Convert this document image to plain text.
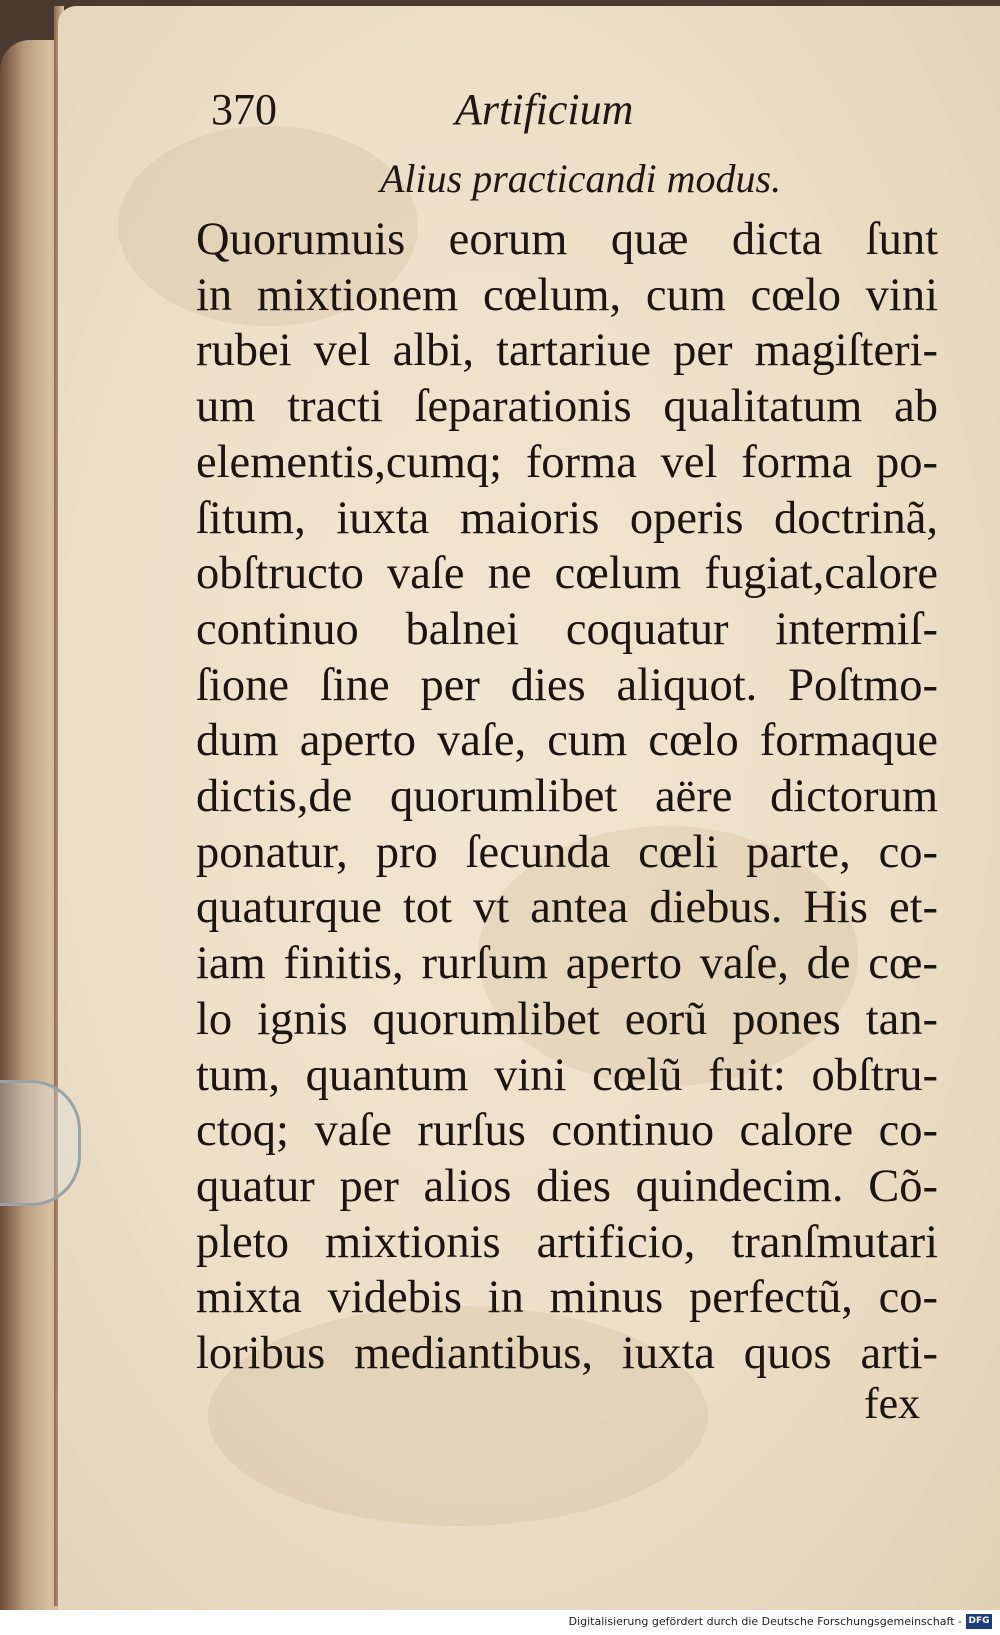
370	Artificium
Alius practicandi modus.
Quorumuis eorum quæ dicta ſunt
in mixtionem cœlum, cum cœlo vini
rubei vel albi, tartariue per magiſteri-
um tracti ſeparationis qualitatum ab
elementis,cumq; forma vel forma po-
ſitum, iuxta maioris operis doctrinã,
obſtructo vaſe ne cœlum fugiat,calore
continuo balnei coquatur intermiſ-
ſione ſine per dies aliquot. Poſtmo-
dum aperto vaſe, cum cœlo formaque
dictis,de quorumlibet aëre dictorum
ponatur, pro ſecunda cœli parte, co-
quaturque tot vt antea diebus. His et-
iam finitis, rurſum aperto vaſe, de cœ-
lo ignis quorumlibet eorũ pones tan-
tum, quantum vini cœlũ fuit: obſtru-
ctoq; vaſe rurſus continuo calore co-
quatur per alios dies quindecim. Cõ-
pleto mixtionis artificio, tranſmutari
mixta videbis in minus perfectũ, co-
loribus mediantibus, iuxta quos arti-
fex
Digitalisierung gefördert durch die Deutsche Forschungsgemeinschaft - DFG
